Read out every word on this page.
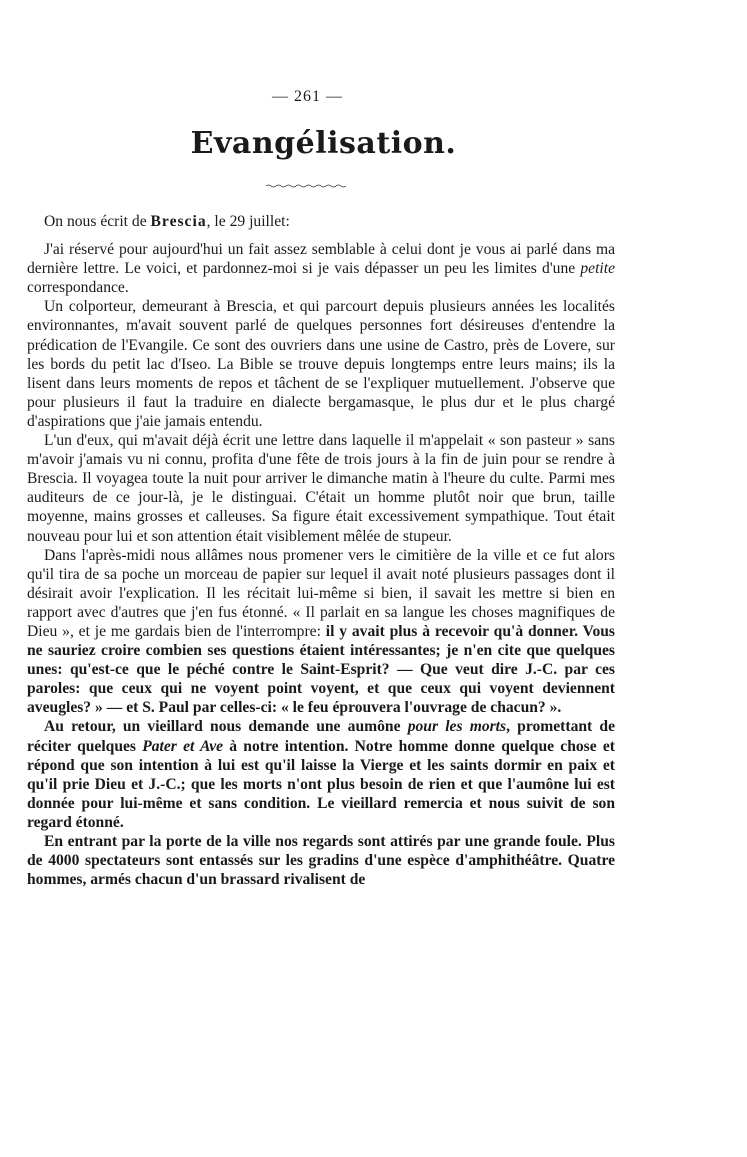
— 261 —
Evangélisation.

On nous écrit de Brescia, le 29 juillet:

J'ai réservé pour aujourd'hui un fait assez semblable à celui dont je vous ai parlé dans ma dernière lettre. Le voici, et pardonnez-moi si je vais dépasser un peu les limites d'une petite correspondance.

Un colporteur, demeurant à Brescia, et qui parcourt depuis plusieurs années les localités environnantes, m'avait souvent parlé de quelques personnes fort désireuses d'entendre la prédication de l'Evangile. Ce sont des ouvriers dans une usine de Castro, près de Lovere, sur les bords du petit lac d'Iseo. La Bible se trouve depuis longtemps entre leurs mains; ils la lisent dans leurs moments de repos et tâchent de se l'expliquer mutuellement. J'observe que pour plusieurs il faut la traduire en dialecte bergamasque, le plus dur et le plus chargé d'aspirations que j'aie jamais entendu.

L'un d'eux, qui m'avait déjà écrit une lettre dans laquelle il m'appelait « son pasteur » sans m'avoir j'amais vu ni connu, profita d'une fête de trois jours à la fin de juin pour se rendre à Brescia. Il voyagea toute la nuit pour arriver le dimanche matin à l'heure du culte. Parmi mes auditeurs de ce jour-là, je le distinguai. C'était un homme plutôt noir que brun, taille moyenne, mains grosses et calleuses. Sa figure était excessivement sympathique. Tout était nouveau pour lui et son attention était visiblement mêlée de stupeur.

Dans l'après-midi nous allâmes nous promener vers le cimitière de la ville et ce fut alors qu'il tira de sa poche un morceau de papier sur lequel il avait noté plusieurs passages dont il désirait avoir l'explication. Il les récitait lui-même si bien, il savait les mettre si bien en rapport avec d'autres que j'en fus étonné. « Il parlait en sa langue les choses magnifiques de Dieu », et je me gardais bien de l'interrompre: il y avait plus à recevoir qu'à donner. Vous ne sauriez croire combien ses questions étaient intéressantes; je n'en cite que quelques unes: qu'est-ce que le péché contre le Saint-Esprit? — Que veut dire J.-C. par ces paroles: que ceux qui ne voyent point voyent, et que ceux qui voyent deviennent aveugles? » — et S. Paul par celles-ci: « le feu éprouvera l'ouvrage de chacun? ».

Au retour, un vieillard nous demande une aumône pour les morts, promettant de réciter quelques Pater et Ave à notre intention. Notre homme donne quelque chose et répond que son intention à lui est qu'il laisse la Vierge et les saints dormir en paix et qu'il prie Dieu et J.-C.; que les morts n'ont plus besoin de rien et que l'aumône lui est donnée pour lui-même et sans condition. Le vieillard remercia et nous suivit de son regard étonné.

En entrant par la porte de la ville nos regards sont attirés par une grande foule. Plus de 4000 spectateurs sont entassés sur les gradins d'une espèce d'amphithéâtre. Quatre hommes, armés chacun d'un brassard rivalisent de
